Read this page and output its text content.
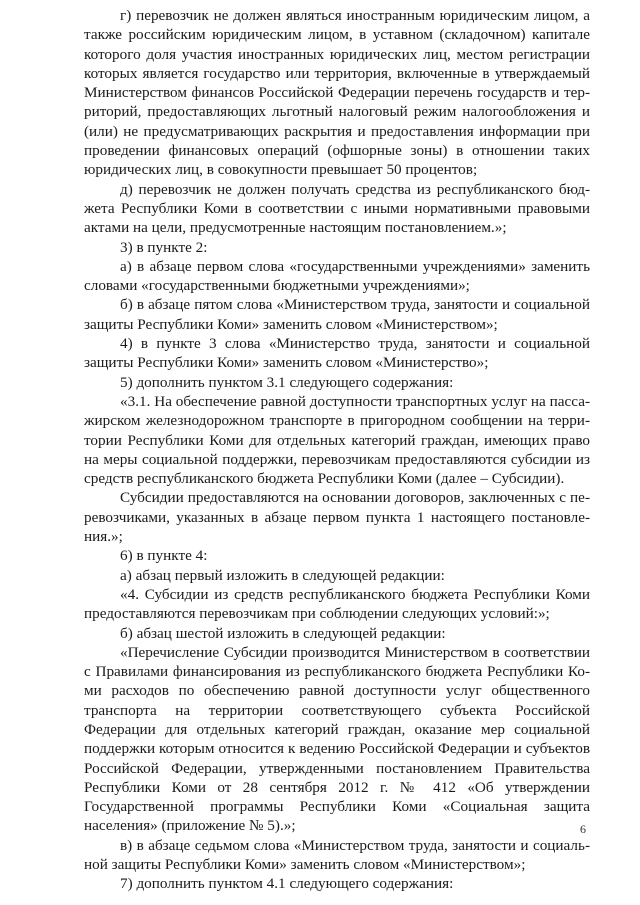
г) перевозчик не должен являться иностранным юридическим лицом, а также российским юридическим лицом, в уставном (складочном) капитале которого доля участия иностранных юридических лиц, местом регистрации которых является государство или территория, включенные в утверждаемый Министерством финансов Российской Федерации перечень государств и территорий, предоставляющих льготный налоговый режим налогообложения и (или) не предусматривающих раскрытия и предоставления информации при проведении финансовых операций (офшорные зоны) в отношении таких юридических лиц, в совокупности превышает 50 процентов;

д) перевозчик не должен получать средства из республиканского бюджета Республики Коми в соответствии с иными нормативными правовыми актами на цели, предусмотренные настоящим постановлением.»;

3) в пункте 2:

а) в абзаце первом слова «государственными учреждениями» заменить словами «государственными бюджетными учреждениями»;

б) в абзаце пятом слова «Министерством труда, занятости и социальной защиты Республики Коми» заменить словом «Министерством»;

4) в пункте 3 слова «Министерство труда, занятости и социальной защиты Республики Коми» заменить словом «Министерство»;

5) дополнить пунктом 3.1 следующего содержания:

«3.1. На обеспечение равной доступности транспортных услуг на пассажирском железнодорожном транспорте в пригородном сообщении на территории Республики Коми для отдельных категорий граждан, имеющих право на меры социальной поддержки, перевозчикам предоставляются субсидии из средств республиканского бюджета Республики Коми (далее – Субсидии).

Субсидии предоставляются на основании договоров, заключенных с перевозчиками, указанных в абзаце первом пункта 1 настоящего постановления.»;

6) в пункте 4:

а) абзац первый изложить в следующей редакции:

«4. Субсидии из средств республиканского бюджета Республики Коми предоставляются перевозчикам при соблюдении следующих условий:»;

б) абзац шестой изложить в следующей редакции:

«Перечисление Субсидии производится Министерством в соответствии с Правилами финансирования из республиканского бюджета Республики Коми расходов по обеспечению равной доступности услуг общественного транспорта на территории соответствующего субъекта Российской Федерации для отдельных категорий граждан, оказание мер социальной поддержки которым относится к ведению Российской Федерации и субъектов Российской Федерации, утвержденными постановлением Правительства Республики Коми от 28 сентября 2012 г. № 412 «Об утверждении Государственной программы Республики Коми «Социальная защита населения» (приложение № 5).»;

в) в абзаце седьмом слова «Министерством труда, занятости и социальной защиты Республики Коми» заменить словом «Министерством»;

7) дополнить пунктом 4.1 следующего содержания:

6
